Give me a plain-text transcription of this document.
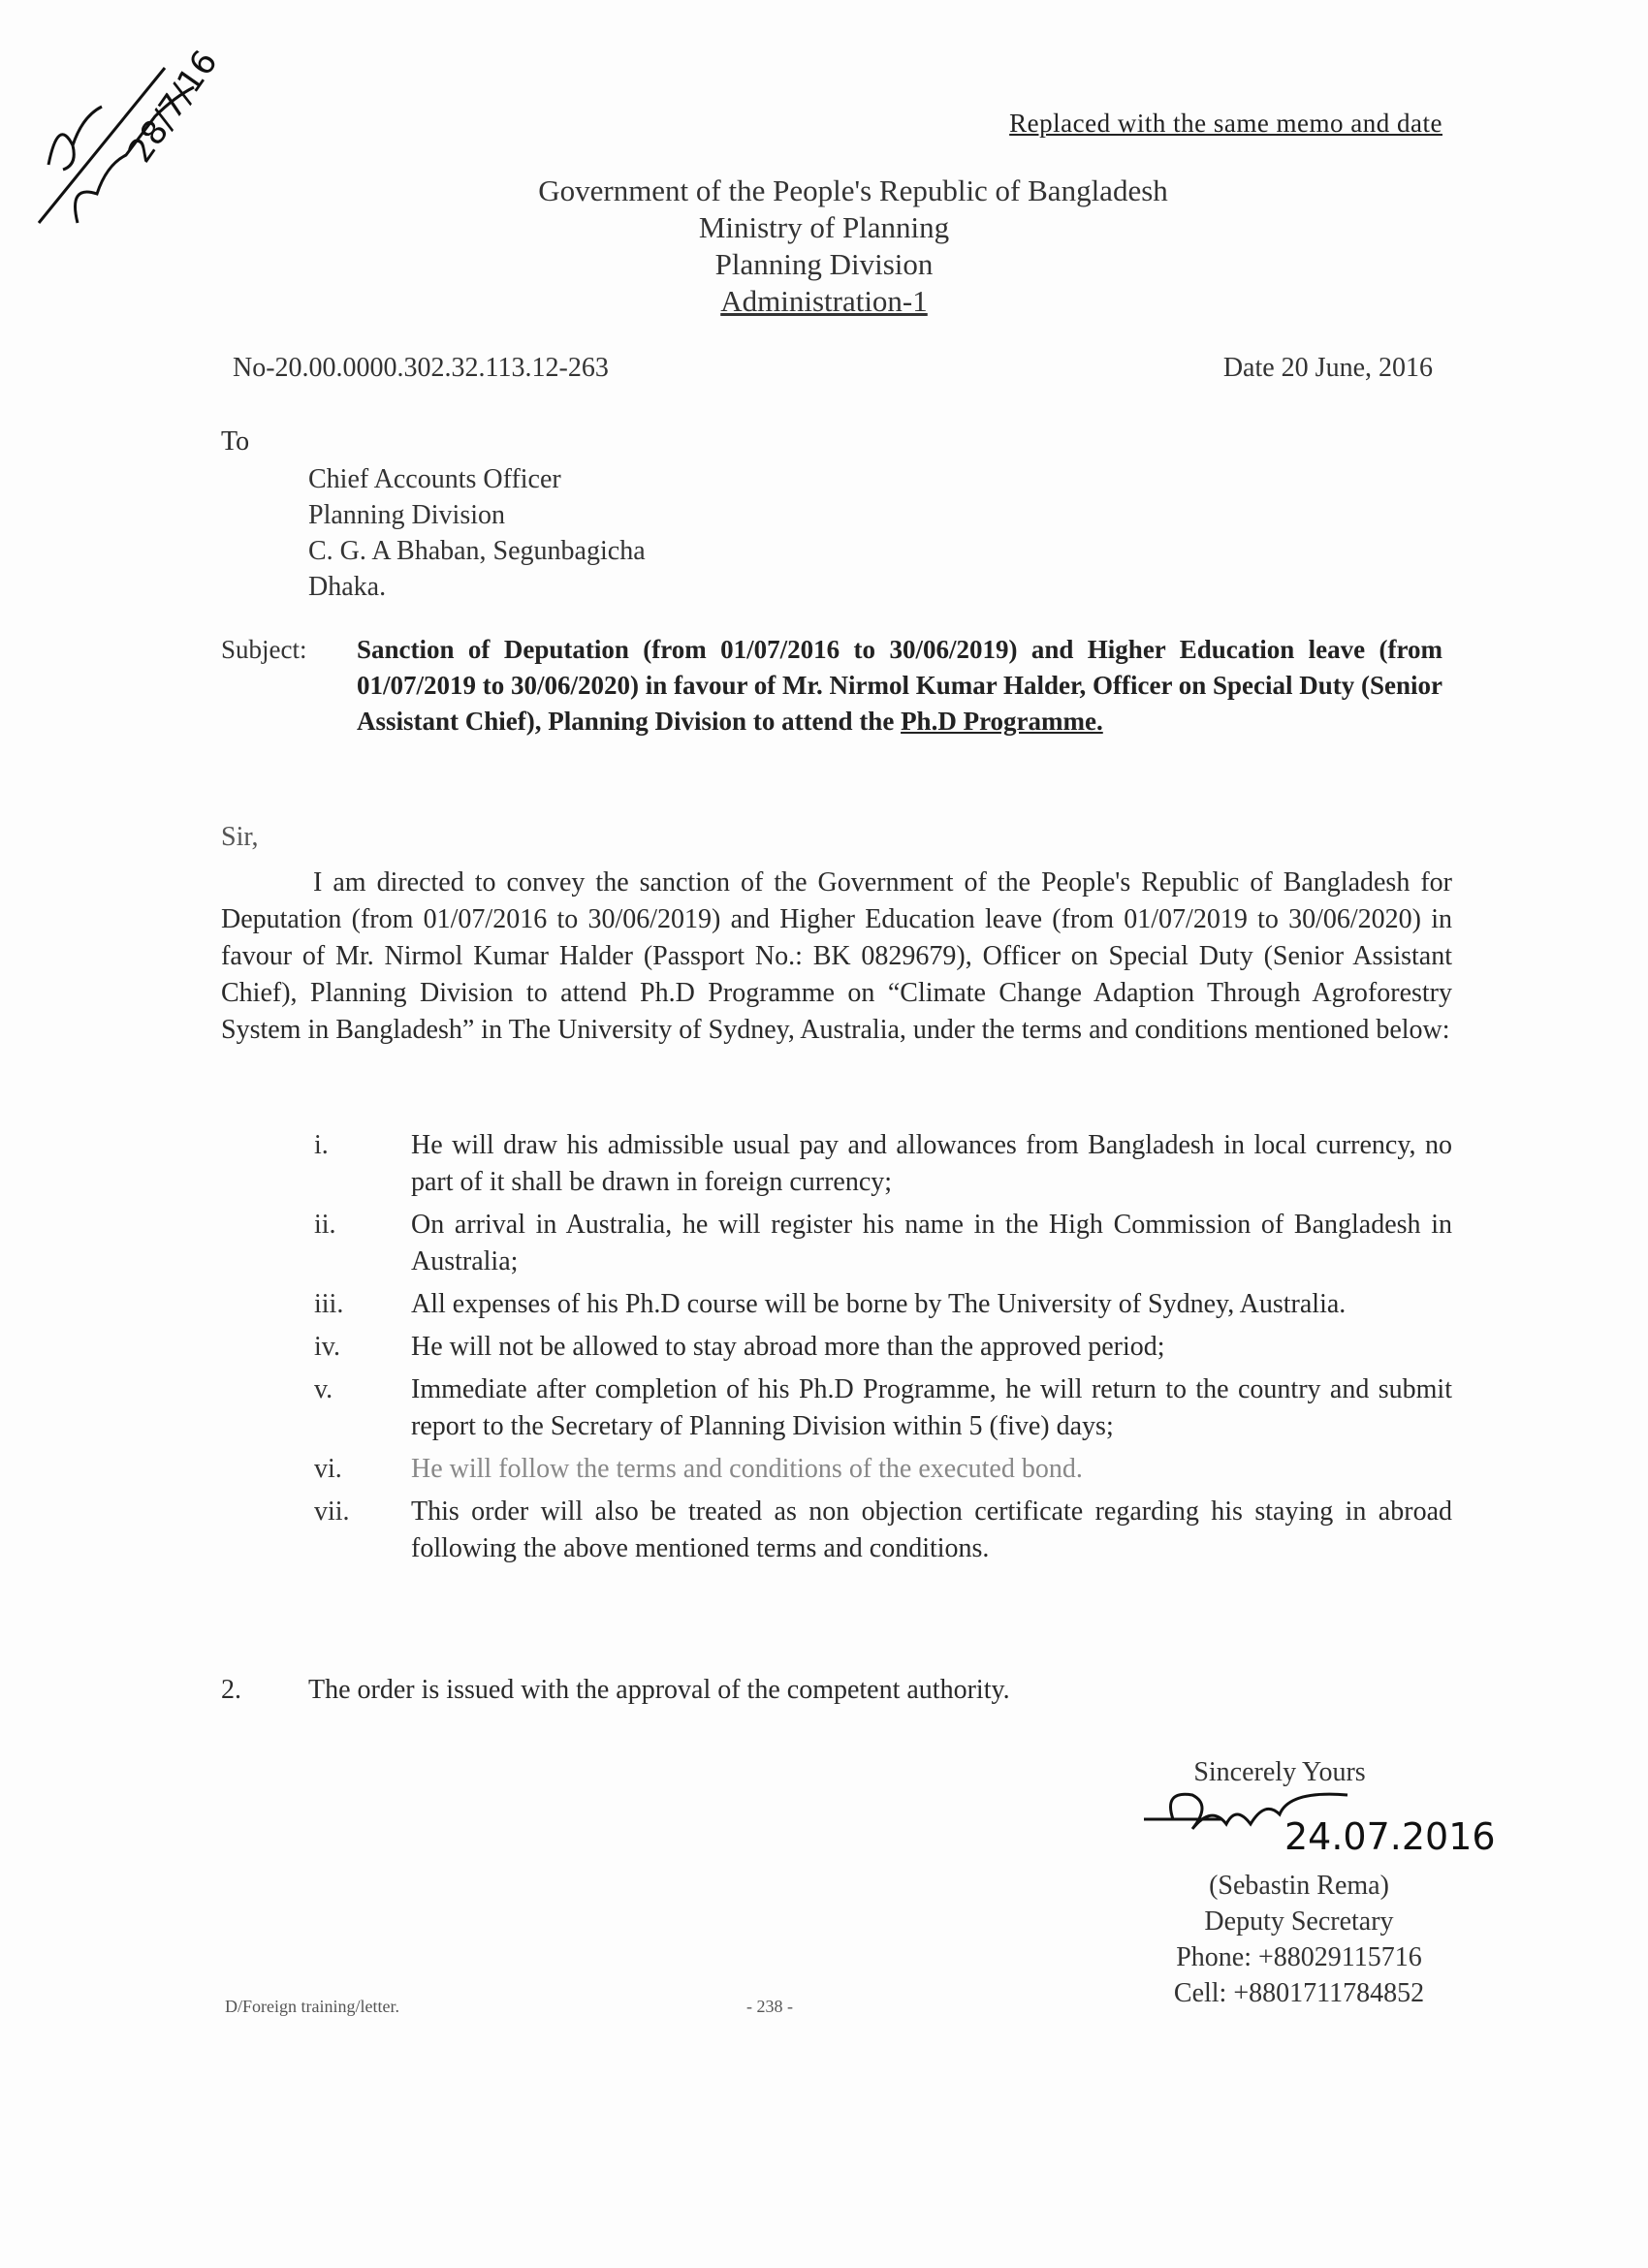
28/7/16	Replaced with the same memo and date
Government of the People's Republic of Bangladesh
Ministry of Planning
Planning Division
Administration-1
No-20.00.0000.302.32.113.12-263	Date 20 June, 2016
To
Chief Accounts Officer
Planning Division
C. G. A Bhaban, Segunbagicha
Dhaka.
Subject: Sanction of Deputation (from 01/07/2016 to 30/06/2019) and Higher Education leave (from 01/07/2019 to 30/06/2020) in favour of Mr. Nirmol Kumar Halder, Officer on Special Duty (Senior Assistant Chief), Planning Division to attend the Ph.D Programme.
Sir,
I am directed to convey the sanction of the Government of the People's Republic of Bangladesh for Deputation (from 01/07/2016 to 30/06/2019) and Higher Education leave (from 01/07/2019 to 30/06/2020) in favour of Mr. Nirmol Kumar Halder (Passport No.: BK 0829679), Officer on Special Duty (Senior Assistant Chief), Planning Division to attend Ph.D Programme on “Climate Change Adaption Through Agroforestry System in Bangladesh” in The University of Sydney, Australia, under the terms and conditions mentioned below:
i.	He will draw his admissible usual pay and allowances from Bangladesh in local currency, no part of it shall be drawn in foreign currency;
ii.	On arrival in Australia, he will register his name in the High Commission of Bangladesh in Australia;
iii.	All expenses of his Ph.D course will be borne by The University of Sydney, Australia.
iv.	He will not be allowed to stay abroad more than the approved period;
v.	Immediate after completion of his Ph.D Programme, he will return to the country and submit report to the Secretary of Planning Division within 5 (five) days;
vi.	He will follow the terms and conditions of the executed bond.
vii.	This order will also be treated as non objection certificate regarding his staying in abroad following the above mentioned terms and conditions.
2.	The order is issued with the approval of the competent authority.
Sincerely Yours
24.07.2016
(Sebastin Rema)
Deputy Secretary
Phone: +88029115716
Cell: +8801711784852
D/Foreign training/letter.	- 238 -
